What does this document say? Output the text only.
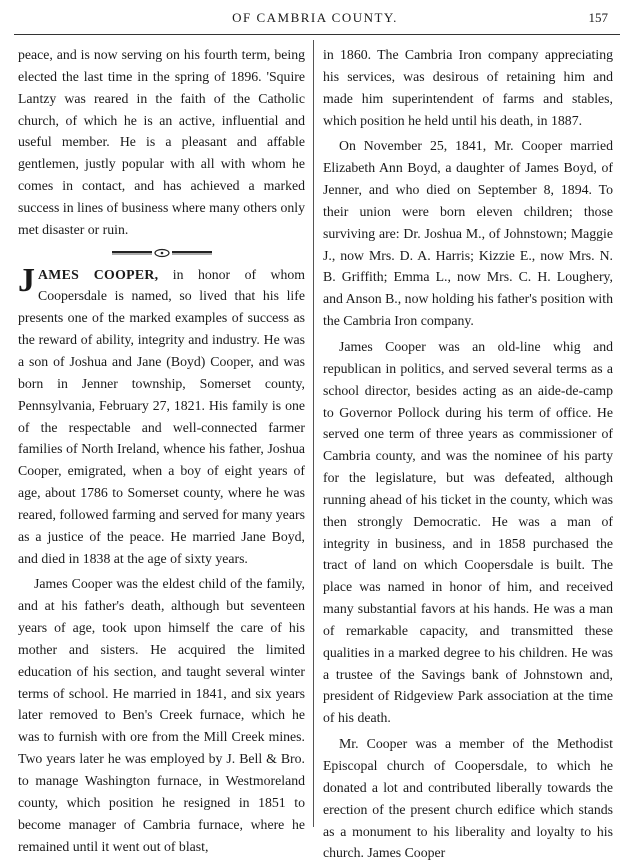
OF CAMBRIA COUNTY.	157

peace, and is now serving on his fourth term, being elected the last time in the spring of 1896. 'Squire Lantzy was reared in the faith of the Catholic church, of which he is an active, influential and useful member. He is a pleasant and affable gentlemen, justly popular with all with whom he comes in contact, and has achieved a marked success in lines of business where many others only met disaster or ruin.

JAMES COOPER, in honor of whom Coopersdale is named, so lived that his life presents one of the marked examples of success as the reward of ability, integrity and industry. He was a son of Joshua and Jane (Boyd) Cooper, and was born in Jenner township, Somerset county, Pennsylvania, February 27, 1821. His family is one of the respectable and well-connected farmer families of North Ireland, whence his father, Joshua Cooper, emigrated, when a boy of eight years of age, about 1786 to Somerset county, where he was reared, followed farming and served for many years as a justice of the peace. He married Jane Boyd, and died in 1838 at the age of sixty years.

James Cooper was the eldest child of the family, and at his father's death, although but seventeen years of age, took upon himself the care of his mother and sisters. He acquired the limited education of his section, and taught several winter terms of school. He married in 1841, and six years later removed to Ben's Creek furnace, which he was to furnish with ore from the Mill Creek mines. Two years later he was employed by J. Bell & Bro. to manage Washington furnace, in Westmoreland county, which position he resigned in 1851 to become manager of Cambria furnace, where he remained until it went out of blast,

in 1860. The Cambria Iron company appreciating his services, was desirous of retaining him and made him superintendent of farms and stables, which position he held until his death, in 1887.

On November 25, 1841, Mr. Cooper married Elizabeth Ann Boyd, a daughter of James Boyd, of Jenner, and who died on September 8, 1894. To their union were born eleven children; those surviving are: Dr. Joshua M., of Johnstown; Maggie J., now Mrs. D. A. Harris; Kizzie E., now Mrs. N. B. Griffith; Emma L., now Mrs. C. H. Loughery, and Anson B., now holding his father's position with the Cambria Iron company.

James Cooper was an old-line whig and republican in politics, and served several terms as a school director, besides acting as an aide-de-camp to Governor Pollock during his term of office. He served one term of three years as commissioner of Cambria county, and was the nominee of his party for the legislature, but was defeated, although running ahead of his ticket in the county, which was then strongly Democratic. He was a man of integrity in business, and in 1858 purchased the tract of land on which Coopersdale is built. The place was named in honor of him, and received many substantial favors at his hands. He was a man of remarkable capacity, and transmitted these qualities in a marked degree to his children. He was a trustee of the Savings bank of Johnstown and, president of Ridgeview Park association at the time of his death.

Mr. Cooper was a member of the Methodist Episcopal church of Coopersdale, to which he donated a lot and contributed liberally towards the erection of the present church edifice which stands as a monument to his liberality and loyalty to his church. James Cooper
